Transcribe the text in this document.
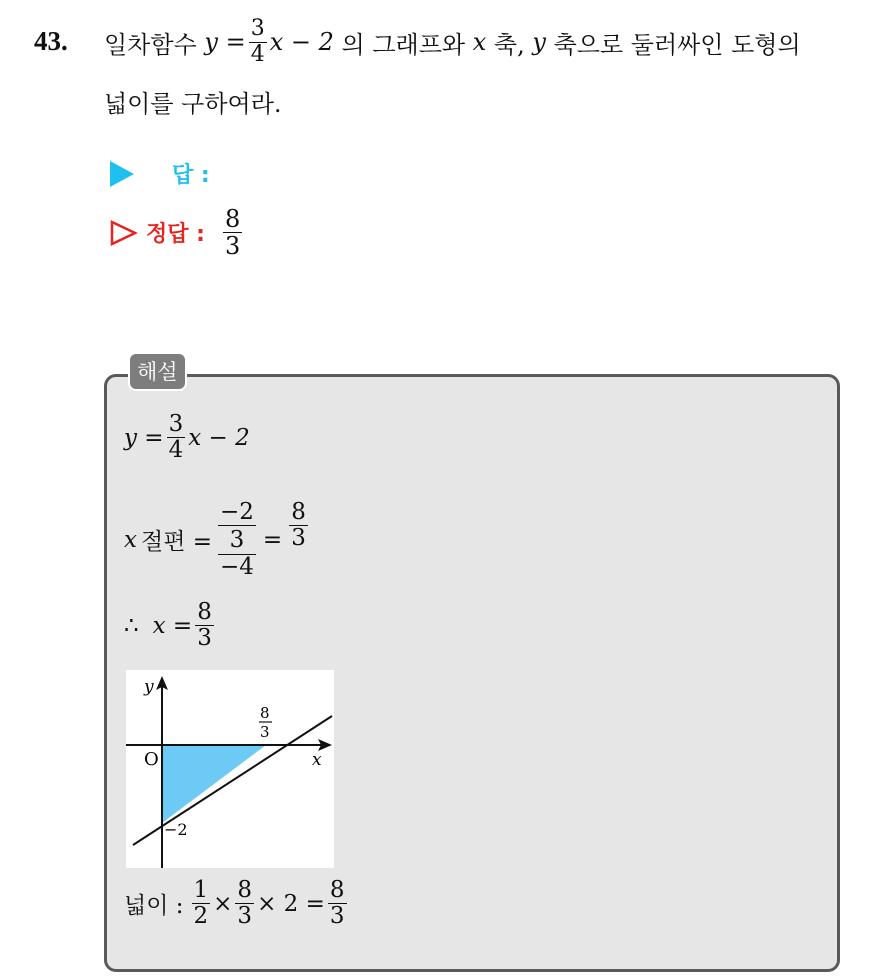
43. 일차함수
y
= $\frac{3}{4}$ x − 2
의 그래프와
x
축,
y
축으로 둘러싸인 도형의
넓이를 구하여라.
답 :
정답 : $\frac{8}{3}$
해설
$y = \frac{3}{4}$ x − 2
x 절편 = $\frac{-2}{\frac{3}{-4}} = \frac{8}{3}$
∴ $x = \frac{8}{3}$
y
x
O
−2
8
3
넓이 : $\frac{1}{2} \times \frac{8}{3} \times 2 = \frac{8}{3}$
